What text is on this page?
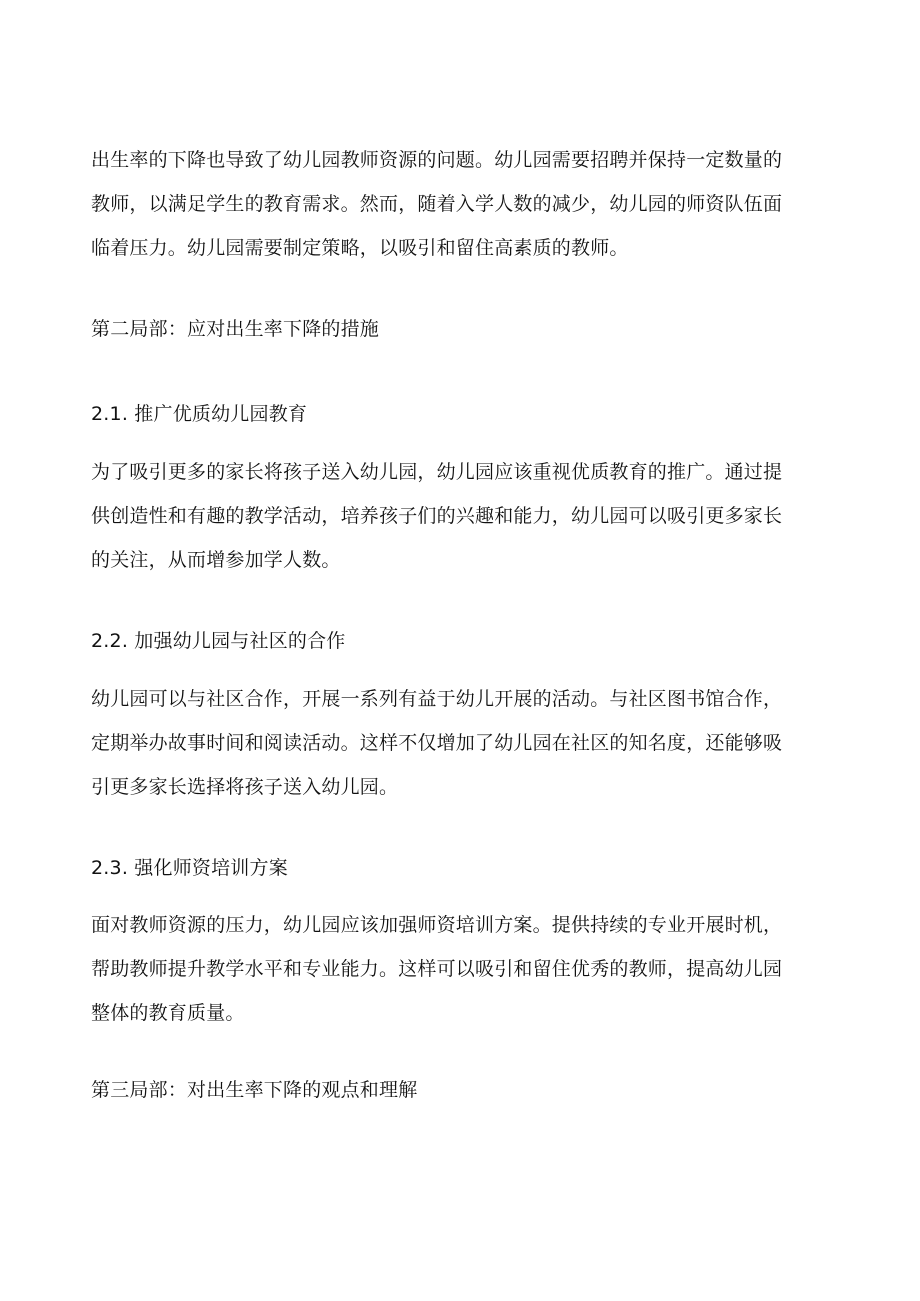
出生率的下降也导致了幼儿园教师资源的问题。幼儿园需要招聘并保持一定数量的
教师，以满足学生的教育需求。然而，随着入学人数的减少，幼儿园的师资队伍面
临着压力。幼儿园需要制定策略，以吸引和留住高素质的教师。

第二局部：应对出生率下降的措施

2.1. 推广优质幼儿园教育

为了吸引更多的家长将孩子送入幼儿园，幼儿园应该重视优质教育的推广。通过提
供创造性和有趣的教学活动，培养孩子们的兴趣和能力，幼儿园可以吸引更多家长
的关注，从而增参加学人数。

2.2. 加强幼儿园与社区的合作

幼儿园可以与社区合作，开展一系列有益于幼儿开展的活动。与社区图书馆合作，
定期举办故事时间和阅读活动。这样不仅增加了幼儿园在社区的知名度，还能够吸
引更多家长选择将孩子送入幼儿园。

2.3. 强化师资培训方案

面对教师资源的压力，幼儿园应该加强师资培训方案。提供持续的专业开展时机，
帮助教师提升教学水平和专业能力。这样可以吸引和留住优秀的教师，提高幼儿园
整体的教育质量。

第三局部：对出生率下降的观点和理解
